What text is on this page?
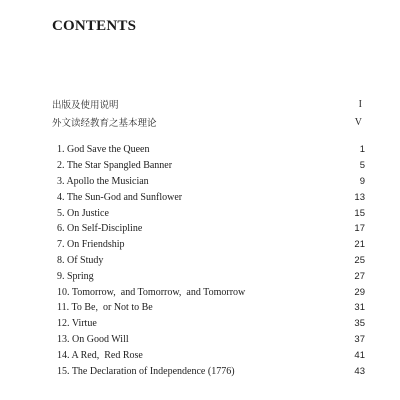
CONTENTS
出版及使用说明	I
外文读经教育之基本理论	V
1. God Save the Queen	1
2. The Star Spangled Banner	5
3. Apollo the Musician	9
4. The Sun-God and Sunflower	13
5. On Justice	15
6. On Self-Discipline	17
7. On Friendship	21
8. Of Study	25
9. Spring	27
10. Tomorrow,  and Tomorrow,  and Tomorrow	29
11. To Be,  or Not to Be	31
12. Virtue	35
13. On Good Will	37
14. A Red,  Red Rose	41
15. The Declaration of Independence (1776)	43
